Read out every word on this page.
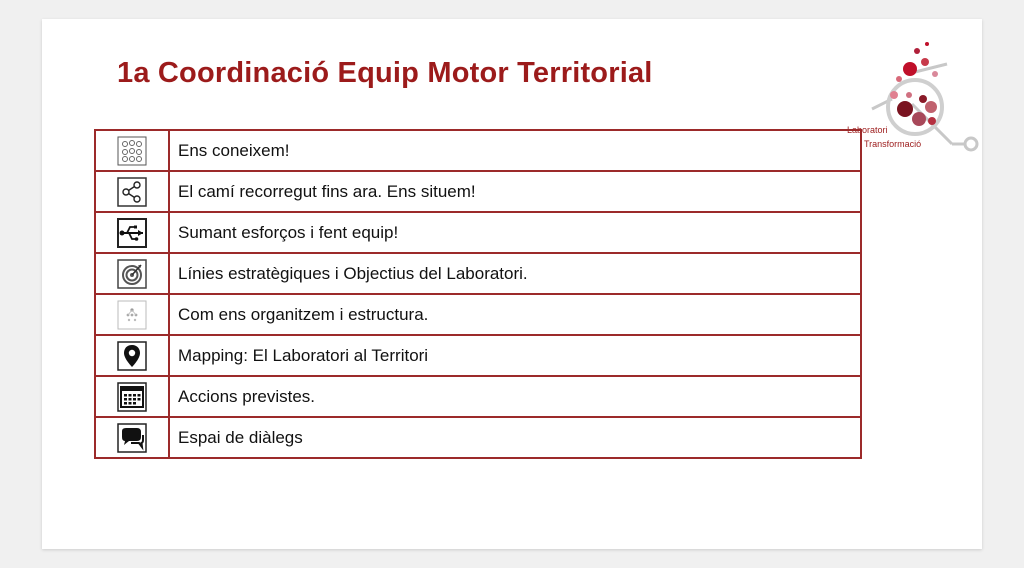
1a Coordinació Equip Motor Territorial
Laboratori
Transformació
	Ens coneixem!

	El camí recorregut fins ara. Ens situem!

	Sumant esforços i fent equip!

	Línies estratègiques i Objectius del Laboratori.

	Com ens organitzem i estructura.

	Mapping: El Laboratori al Territori

	Accions previstes.

	Espai de diàlegs
